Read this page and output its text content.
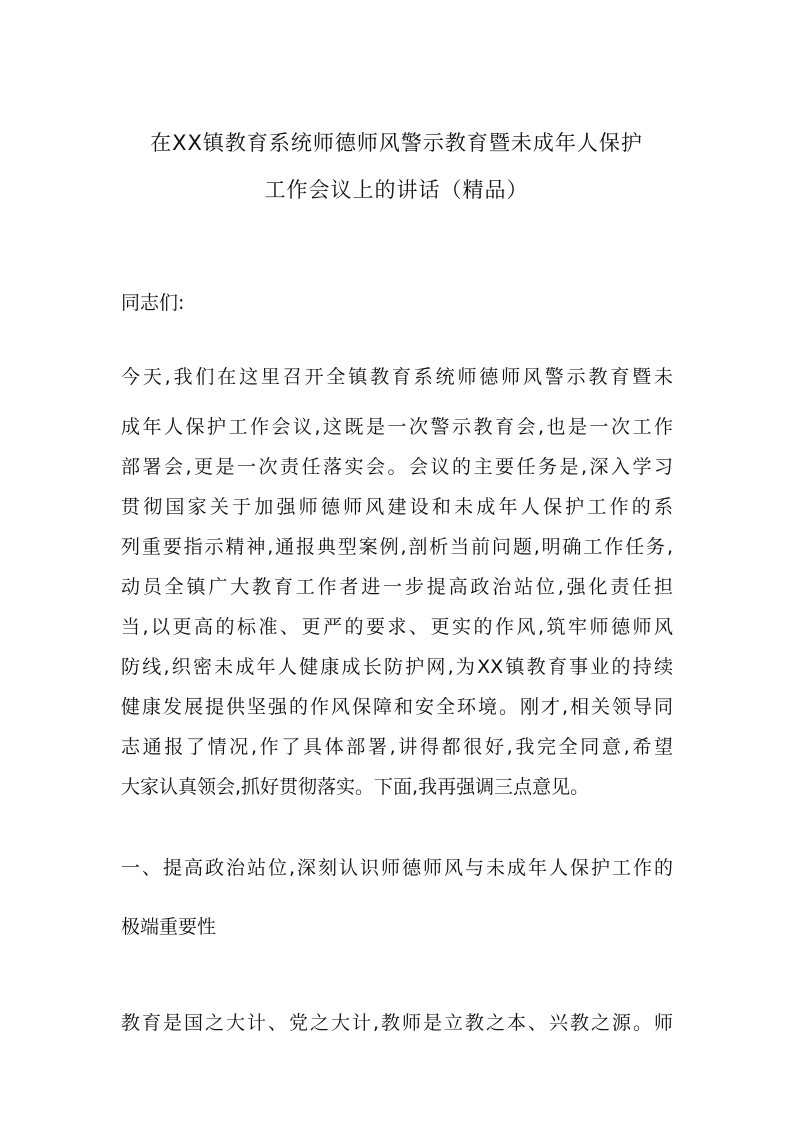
在XX镇教育系统师德师风警示教育暨未成年人保护
工作会议上的讲话（精品）
同志们:
今天,我们在这里召开全镇教育系统师德师风警示教育暨未
成年人保护工作会议,这既是一次警示教育会,也是一次工作
部署会,更是一次责任落实会。会议的主要任务是,深入学习
贯彻国家关于加强师德师风建设和未成年人保护工作的系
列重要指示精神,通报典型案例,剖析当前问题,明确工作任务,
动员全镇广大教育工作者进一步提高政治站位,强化责任担
当,以更高的标准、更严的要求、更实的作风,筑牢师德师风
防线,织密未成年人健康成长防护网,为XX镇教育事业的持续
健康发展提供坚强的作风保障和安全环境。刚才,相关领导同
志通报了情况,作了具体部署,讲得都很好,我完全同意,希望
大家认真领会,抓好贯彻落实。下面,我再强调三点意见。
一、提高政治站位,深刻认识师德师风与未成年人保护工作的
极端重要性
教育是国之大计、党之大计,教师是立教之本、兴教之源。师
